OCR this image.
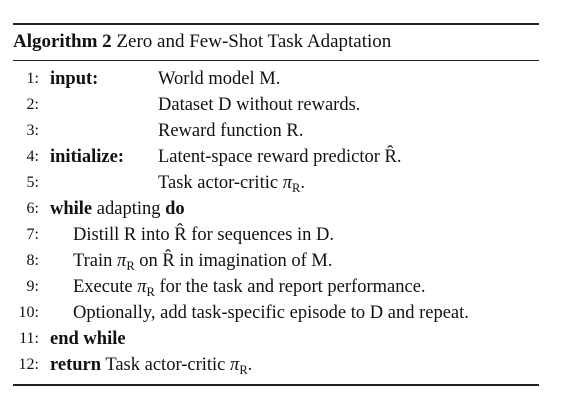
Algorithm 2 Zero and Few-Shot Task Adaptation
1: input:	World model M.
2:	Dataset D without rewards.
3:	Reward function R.
4: initialize: Latent-space reward predictor R̂.
5:	Task actor-critic $\pi_R$.
6: while adapting do
7: Distill R into R̂ for sequences in D.
8: Train $\pi_R$ on R̂ in imagination of M.
9: Execute $\pi_R$ for the task and report performance.
10: Optionally, add task-specific episode to D and repeat.
11: end while
12: return Task actor-critic $\pi_R$.
